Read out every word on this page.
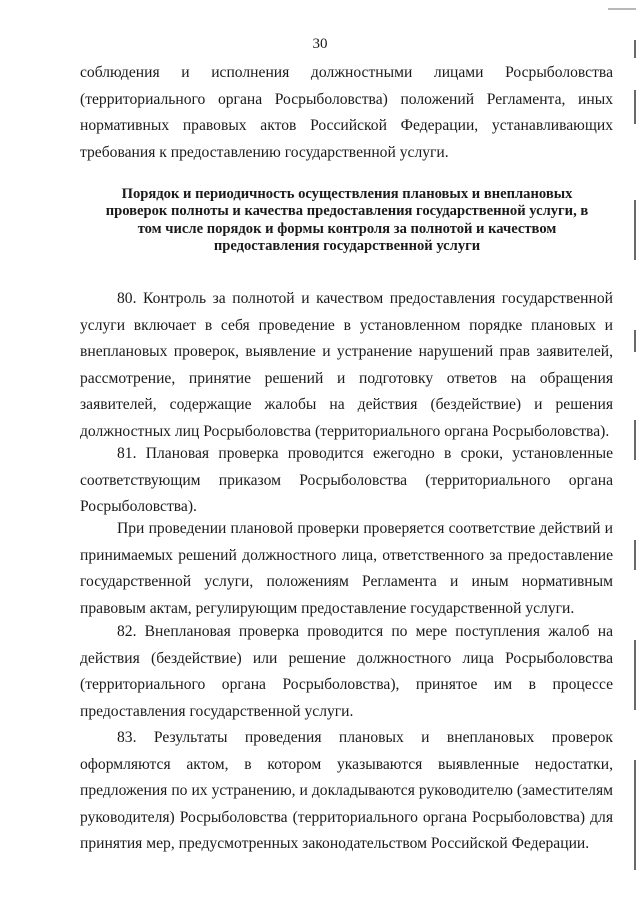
30

соблюдения и исполнения должностными лицами Росрыболовства (территориального органа Росрыболовства) положений Регламента, иных нормативных правовых актов Российской Федерации, устанавливающих требования к предоставлению государственной услуги.

Порядок и периодичность осуществления плановых и внеплановых проверок полноты и качества предоставления государственной услуги, в том числе порядок и формы контроля за полнотой и качеством предоставления государственной услуги

80. Контроль за полнотой и качеством предоставления государственной услуги включает в себя проведение в установленном порядке плановых и внеплановых проверок, выявление и устранение нарушений прав заявителей, рассмотрение, принятие решений и подготовку ответов на обращения заявителей, содержащие жалобы на действия (бездействие) и решения должностных лиц Росрыболовства (территориального органа Росрыболовства).

81. Плановая проверка проводится ежегодно в сроки, установленные соответствующим приказом Росрыболовства (территориального органа Росрыболовства).

При проведении плановой проверки проверяется соответствие действий и принимаемых решений должностного лица, ответственного за предоставление государственной услуги, положениям Регламента и иным нормативным правовым актам, регулирующим предоставление государственной услуги.

82. Внеплановая проверка проводится по мере поступления жалоб на действия (бездействие) или решение должностного лица Росрыболовства (территориального органа Росрыболовства), принятое им в процессе предоставления государственной услуги.

83. Результаты проведения плановых и внеплановых проверок оформляются актом, в котором указываются выявленные недостатки, предложения по их устранению, и докладываются руководителю (заместителям руководителя) Росрыболовства (территориального органа Росрыболовства) для принятия мер, предусмотренных законодательством Российской Федерации.
